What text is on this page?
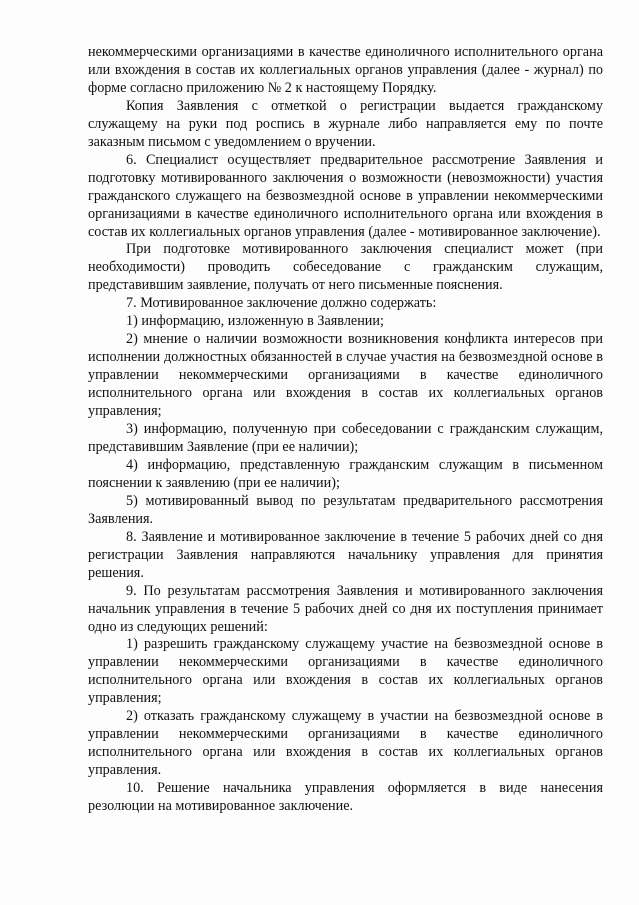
некоммерческими организациями в качестве единоличного исполнительного органа или вхождения в состав их коллегиальных органов управления (далее - журнал) по форме согласно приложению № 2 к настоящему Порядку.

Копия Заявления с отметкой о регистрации выдается гражданскому служащему на руки под роспись в журнале либо направляется ему по почте заказным письмом с уведомлением о вручении.

6. Специалист осуществляет предварительное рассмотрение Заявления и подготовку мотивированного заключения о возможности (невозможности) участия гражданского служащего на безвозмездной основе в управлении некоммерческими организациями в качестве единоличного исполнительного органа или вхождения в состав их коллегиальных органов управления (далее - мотивированное заключение).

При подготовке мотивированного заключения специалист может (при необходимости) проводить собеседование с гражданским служащим, представившим заявление, получать от него письменные пояснения.

7. Мотивированное заключение должно содержать:

1) информацию, изложенную в Заявлении;

2) мнение о наличии возможности возникновения конфликта интересов при исполнении должностных обязанностей в случае участия на безвозмездной основе в управлении некоммерческими организациями в качестве единоличного исполнительного органа или вхождения в состав их коллегиальных органов управления;

3) информацию, полученную при собеседовании с гражданским служащим, представившим Заявление (при ее наличии);

4) информацию, представленную гражданским служащим в письменном пояснении к заявлению (при ее наличии);

5) мотивированный вывод по результатам предварительного рассмотрения Заявления.

8. Заявление и мотивированное заключение в течение 5 рабочих дней со дня регистрации Заявления направляются начальнику управления для принятия решения.

9. По результатам рассмотрения Заявления и мотивированного заключения начальник управления в течение 5 рабочих дней со дня их поступления принимает одно из следующих решений:

1) разрешить гражданскому служащему участие на безвозмездной основе в управлении некоммерческими организациями в качестве единоличного исполнительного органа или вхождения в состав их коллегиальных органов управления;

2) отказать гражданскому служащему в участии на безвозмездной основе в управлении некоммерческими организациями в качестве единоличного исполнительного органа или вхождения в состав их коллегиальных органов управления.

10. Решение начальника управления оформляется в виде нанесения резолюции на мотивированное заключение.
